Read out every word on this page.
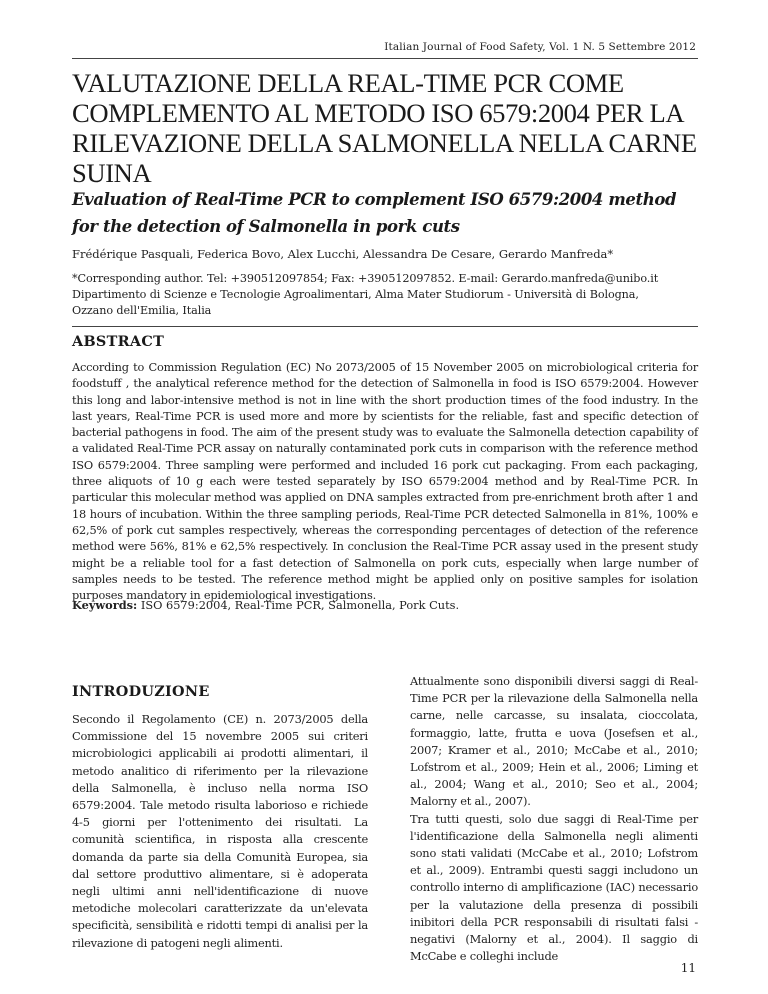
Italian Journal of Food Safety, Vol. 1 N. 5 Settembre 2012
VALUTAZIONE DELLA REAL-TIME PCR COME COMPLEMENTO AL METODO ISO 6579:2004 PER LA RILEVAZIONE DELLA SALMONELLA NELLA CARNE SUINA
Evaluation of Real-Time PCR to complement ISO 6579:2004 method for the detection of Salmonella in pork cuts
Frédérique Pasquali, Federica Bovo, Alex Lucchi, Alessandra De Cesare, Gerardo Manfreda*
*Corresponding author. Tel: +390512097854; Fax: +390512097852. E-mail: Gerardo.manfreda@unibo.it
Dipartimento di Scienze e Tecnologie Agroalimentari, Alma Mater Studiorum - Università di Bologna,
Ozzano dell'Emilia, Italia
ABSTRACT

According to Commission Regulation (EC) No 2073/2005 of 15 November 2005 on microbiological criteria for foodstuff , the analytical reference method for the detection of Salmonella in food is ISO 6579:2004. However this long and labor-intensive method is not in line with the short production times of the food industry. In the last years, Real-Time PCR is used more and more by scientists for the reliable, fast and specific detection of bacterial pathogens in food. The aim of the present study was to evaluate the Salmonella detection capability of a validated Real-Time PCR assay on naturally contaminated pork cuts in comparison with the reference method ISO 6579:2004. Three sampling were performed and included 16 pork cut packaging. From each packaging, three aliquots of 10 g each were tested separately by ISO 6579:2004 method and by Real-Time PCR. In particular this molecular method was applied on DNA samples extracted from pre-enrichment broth after 1 and 18 hours of incubation. Within the three sampling periods, Real-Time PCR detected Salmonella in 81%, 100% e 62,5% of pork cut samples respectively, whereas the corresponding percentages of detection of the reference method were 56%, 81% e 62,5% respectively. In conclusion the Real-Time PCR assay used in the present study might be a reliable tool for a fast detection of Salmonella on pork cuts, especially when large number of samples needs to be tested. The reference method might be applied only on positive samples for isolation purposes mandatory in epidemiological investigations.

Keywords: ISO 6579:2004, Real-Time PCR, Salmonella, Pork Cuts.
INTRODUZIONE

Secondo il Regolamento (CE) n. 2073/2005 della Commissione del 15 novembre 2005 sui criteri microbiologici applicabili ai prodotti alimentari, il metodo analitico di riferimento per la rilevazione della Salmonella, è incluso nella norma ISO 6579:2004. Tale metodo risulta laborioso e richiede 4-5 giorni per l'ottenimento dei risultati. La comunità scientifica, in risposta alla crescente domanda da parte sia della Comunità Europea, sia dal settore produttivo alimentare, si è adoperata negli ultimi anni nell'identificazione di nuove metodiche molecolari caratterizzate da un'elevata specificità, sensibilità e ridotti tempi di analisi per la rilevazione di patogeni negli alimenti.

Attualmente sono disponibili diversi saggi di Real-Time PCR per la rilevazione della Salmonella nella carne, nelle carcasse, su insalata, cioccolata, formaggio, latte, frutta e uova (Josefsen et al., 2007; Kramer et al., 2010; McCabe et al., 2010; Lofstrom et al., 2009; Hein et al., 2006; Liming et al., 2004; Wang et al., 2010; Seo et al., 2004; Malorny et al., 2007).

Tra tutti questi, solo due saggi di Real-Time per l'identificazione della Salmonella negli alimenti sono stati validati (McCabe et al., 2010; Lofstrom et al., 2009). Entrambi questi saggi includono un controllo interno di amplificazione (IAC) necessario per la valutazione della presenza di possibili inibitori della PCR responsabili di risultati falsi - negativi (Malorny et al., 2004). Il saggio di McCabe e colleghi include

11
